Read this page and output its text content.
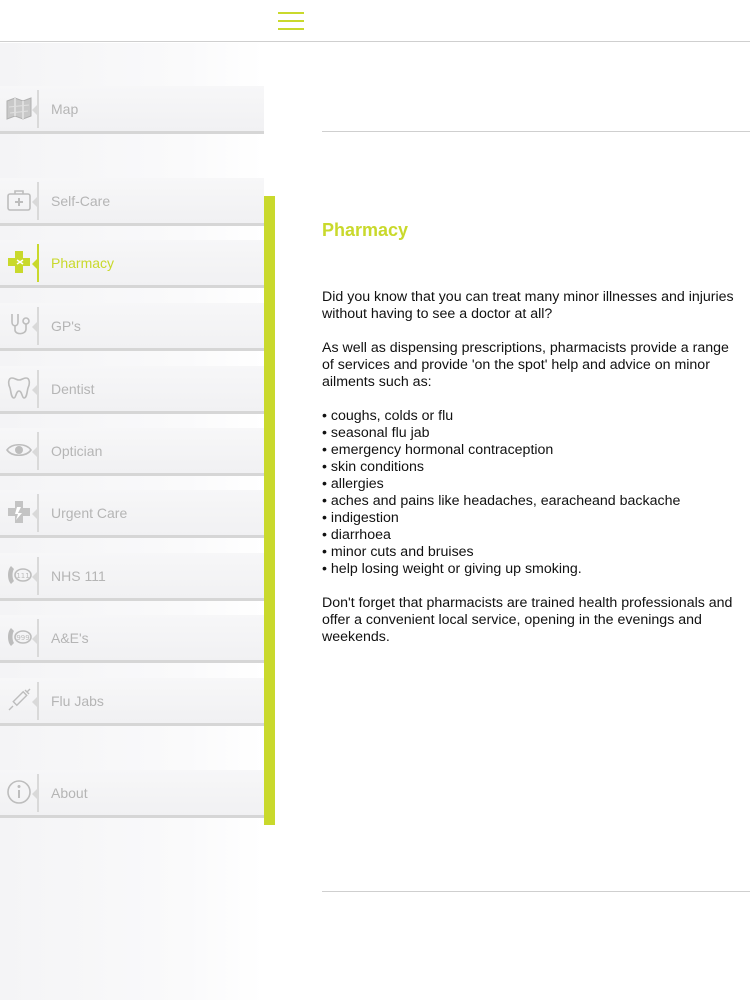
Map
Self-Care
Pharmacy
GP's
Dentist
Optician
Urgent Care
111 NHS 111
999 A&E's
Flu Jabs
About
Pharmacy

Did you know that you can treat many minor illnesses and injuries without having to see a doctor at all?

As well as dispensing prescriptions, pharmacists provide a range of services and provide 'on the spot' help and advice on minor ailments such as:

• coughs, colds or flu
• seasonal flu jab
• emergency hormonal contraception
• skin conditions
• allergies
• aches and pains like headaches, earacheand backache
• indigestion
• diarrhoea
• minor cuts and bruises
• help losing weight or giving up smoking.

Don't forget that pharmacists are trained health professionals and offer a convenient local service, opening in the evenings and weekends.
